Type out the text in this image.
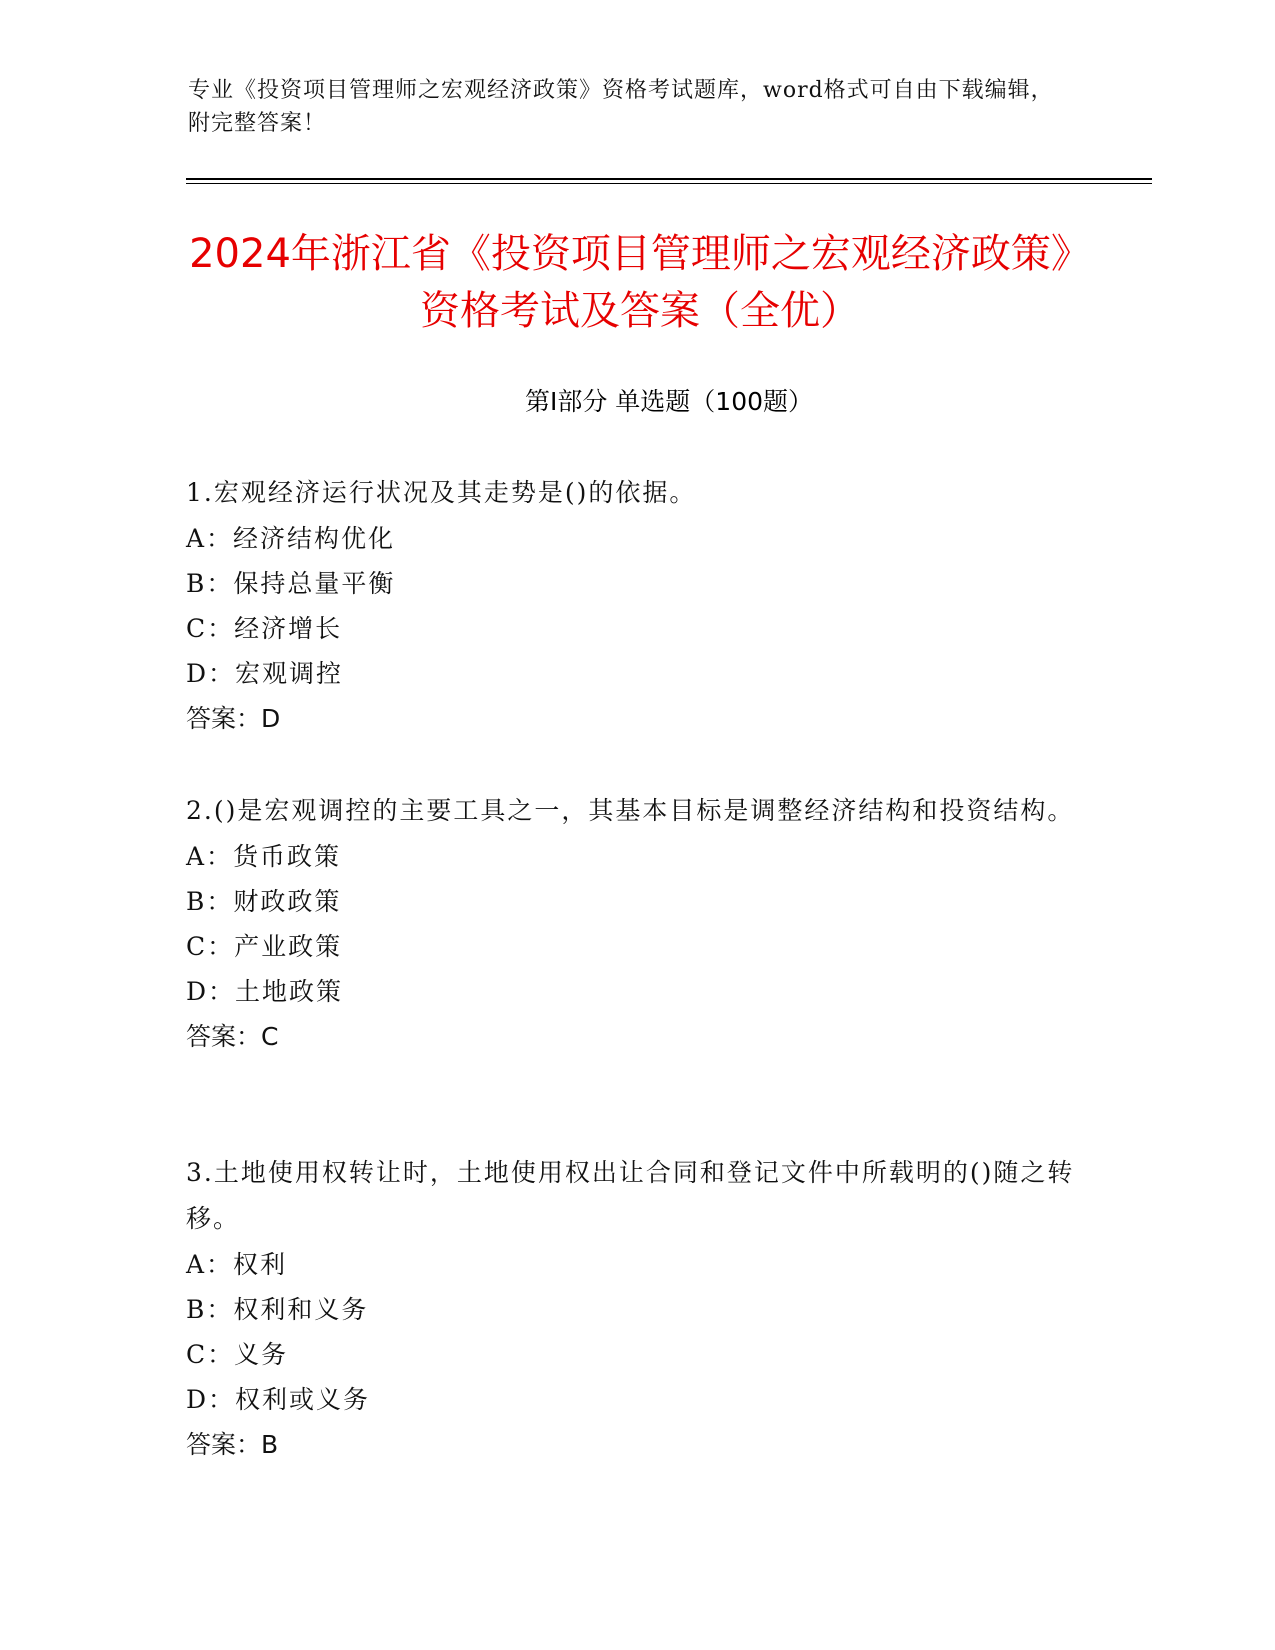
专业《投资项目管理师之宏观经济政策》资格考试题库，word格式可自由下载编辑，附完整答案！
2024年浙江省《投资项目管理师之宏观经济政策》资格考试及答案（全优）
第Ⅰ部分 单选题（100题）
1.宏观经济运行状况及其走势是()的依据。
A：经济结构优化
B：保持总量平衡
C：经济增长
D：宏观调控
答案：D
2.()是宏观调控的主要工具之一，其基本目标是调整经济结构和投资结构。
A：货币政策
B：财政政策
C：产业政策
D：土地政策
答案：C
3.土地使用权转让时，土地使用权出让合同和登记文件中所载明的()随之转移。
A：权利
B：权利和义务
C：义务
D：权利或义务
答案：B
